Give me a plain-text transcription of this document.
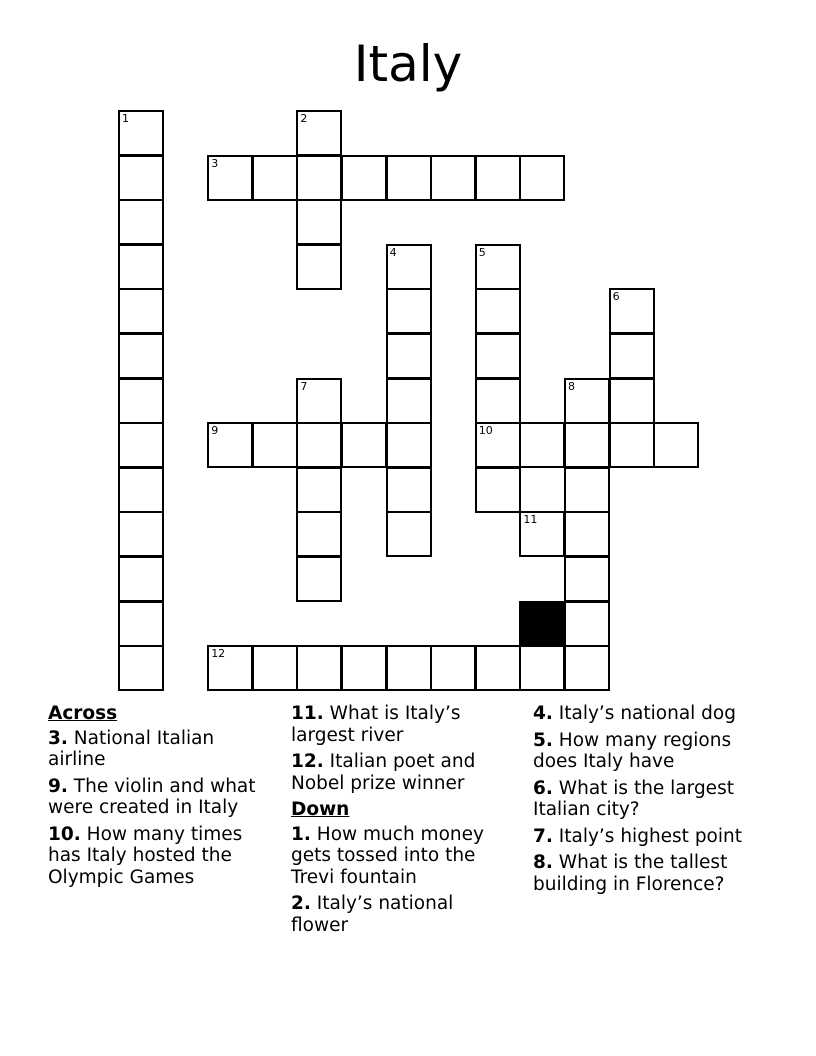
Italy
1	2
3
4	5
10
6
7	8
9
11
12
Across
3. National Italian airline
9. The violin and what were created in Italy
10. How many times has Italy hosted the Olympic Games
11. What is Italy’s largest river
12. Italian poet and Nobel prize winner
Down
1. How much money gets tossed into the Trevi fountain
2. Italy’s national flower
4. Italy’s national dog
5. How many regions does Italy have
6. What is the largest Italian city?
7. Italy’s highest point
8. What is the tallest building in Florence?
